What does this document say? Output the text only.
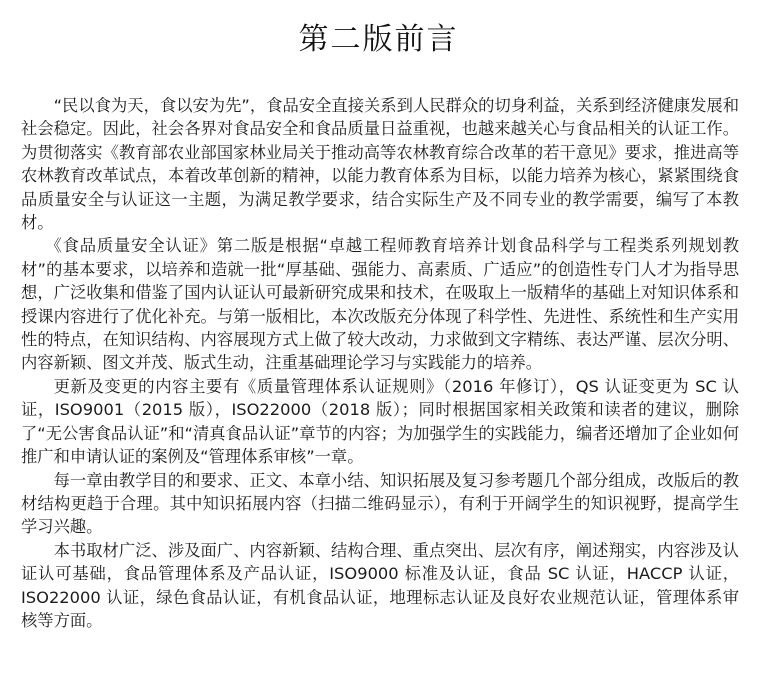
第二版前言

“民以食为天，食以安为先”，食品安全直接关系到人民群众的切身利益，关系到经济健康发展和社会稳定。因此，社会各界对食品安全和食品质量日益重视，也越来越关心与食品相关的认证工作。为贯彻落实《教育部农业部国家林业局关于推动高等农林教育综合改革的若干意见》要求，推进高等农林教育改革试点，本着改革创新的精神，以能力教育体系为目标，以能力培养为核心，紧紧围绕食品质量安全与认证这一主题，为满足教学要求，结合实际生产及不同专业的教学需要，编写了本教材。

《食品质量安全认证》第二版是根据“卓越工程师教育培养计划食品科学与工程类系列规划教材”的基本要求，以培养和造就一批“厚基础、强能力、高素质、广适应”的创造性专门人才为指导思想，广泛收集和借鉴了国内认证认可最新研究成果和技术，在吸取上一版精华的基础上对知识体系和授课内容进行了优化补充。与第一版相比，本次改版充分体现了科学性、先进性、系统性和生产实用性的特点，在知识结构、内容展现方式上做了较大改动，力求做到文字精练、表达严谨、层次分明、内容新颖、图文并茂、版式生动，注重基础理论学习与实践能力的培养。

更新及变更的内容主要有《质量管理体系认证规则》（2016 年修订），QS 认证变更为 SC 认证，ISO9001（2015 版），ISO22000（2018 版）；同时根据国家相关政策和读者的建议，删除了“无公害食品认证”和“清真食品认证”章节的内容；为加强学生的实践能力，编者还增加了企业如何推广和申请认证的案例及“管理体系审核”一章。

每一章由教学目的和要求、正文、本章小结、知识拓展及复习参考题几个部分组成，改版后的教材结构更趋于合理。其中知识拓展内容（扫描二维码显示），有利于开阔学生的知识视野，提高学生学习兴趣。

本书取材广泛、涉及面广、内容新颖、结构合理、重点突出、层次有序，阐述翔实，内容涉及认证认可基础，食品管理体系及产品认证，ISO9000 标准及认证，食品 SC 认证，HACCP 认证，ISO22000 认证，绿色食品认证，有机食品认证，地理标志认证及良好农业规范认证，管理体系审核等方面。
